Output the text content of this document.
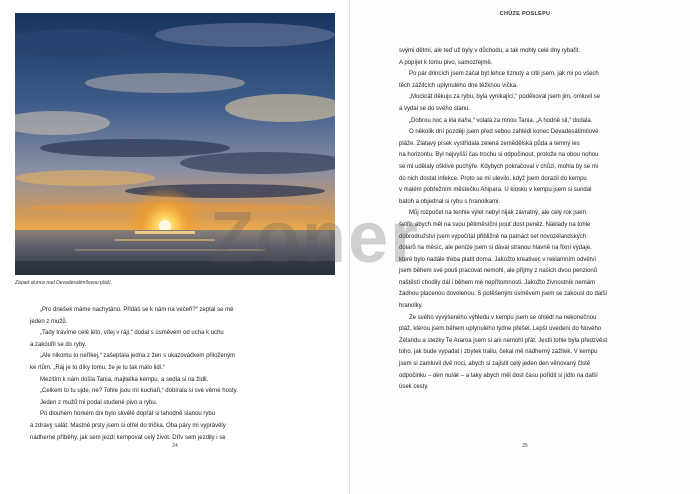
Západ slunce nad Devadesátimílovou pláží.

„Pro dnešek máme nachytáno. Přidáš se k nám na večeři?“ zeptal se mě

jeden z mužů.

„Tady trávíme celé léto, vítej v ráji,“ dodal s úsměvem od ucha k uchu

a zakouřil se do ryby.

„Ale nikomu to neříkej,“ zašeptala jedna z žen s ukazováčkem přiloženým

ke rtům. „Ráj je to díky tomu, že je tu tak málo lidí.“

Mezitím k nám došla Tania, majitelka kempu, a sedla si na židli.

„Celkem to tu ujde, ne? Tohle jsou mí kuchaři,“ dobírala si své věrné hosty.

Jeden z mužů mi podal studené pivo a rybu.

Po dlouhém horkém dni bylo skvělé dopřát si lahodně slanou rybu

a zdravý salát. Mastné prsty jsem si otřel do trička. Oba páry mi vyprávěly

nádherné příběhy, jak sem jezdí kempovat celý život. Dřív sem jezdily i se

24
CHŮZE POSLEPU

svými dětmi, ale teď už byly v důchodu, a tak mohly celé dny rybařit.

A popíjet k tomu pivo, samozřejmě.

Po pár drincích jsem začal být lehce líznutý a cítil jsem, jak mi po všech

těch zážitcích uplynulého dne těžknou víčka.

„Mockrát děkuju za rybu, byla vynikající,“ poděkoval jsem jim, omluvil se

a vydal se do svého stanu.

„Dobrou noc a kia kaha,“ volala za mnou Tania. „A hodně sil,“ dodala.

O několik dní později jsem před sebou zahlédl konec Devadesátimílové

pláže. Zlatavý písek vystřídala zelená zemědělská půda a temný les

na horizontu. Byl nejvyšší čas trochu si odpočinout, protože na obou nohou

se mi udělaly ošklivé puchýře. Kdybych pokračoval v chůzi, mohla by se mi

do nich dostat infekce. Proto se mi ulevilo, když jsem dorazil do kempu

v malém pobřežním městečku Ahipara. U kiosku v kempu jsem si sundal

batoh a objednal si rybu s hranolkami.

Můj rozpočet na tenhle výlet nebyl nijak závratný, ale celý rok jsem

šetřil, abych měl na svou pětiměsíční pouť dost peněz. Náklady na tohle

dobrodružství jsem vypočítal přibližně na patnáct set novozélandských

dolarů na měsíc, ale peníze jsem si dával stranou hlavně na fixní výdaje,

které bylo nadále třeba platit doma. Jakožto kreativec v reklamním odvětví

jsem během své pouti pracovat nemohl, ale příjmy z našich dvou penzionů

naštěstí chodily dál i během mé nepřítomnosti. Jakožto živnostník nemám

žádnou placenou dovolenou. S potěšeným úsměvem jsem se zakousl do další

hranolky.

Ze svého vyvýšeného výhledu v kempu jsem se ohlédl na nekonečnou

pláž, kterou jsem během uplynulého týdne přešel. Lepší uvedení do Nového

Zélandu a stezky Te Araroa jsem si ani nemohl přát. Jestli tohle byla předzvěst

toho, jak bude vypadat i zbytek trailu, čekal mě nádherný zážitek. V kempu

jsem si zamluvil dvě noci, abych si zajistil celý jeden den věnovaný čistě

odpočinku – den nulák – a taky abych měl dost času pořídit si jídlo na další

úsek cesty.

25
Zoner
